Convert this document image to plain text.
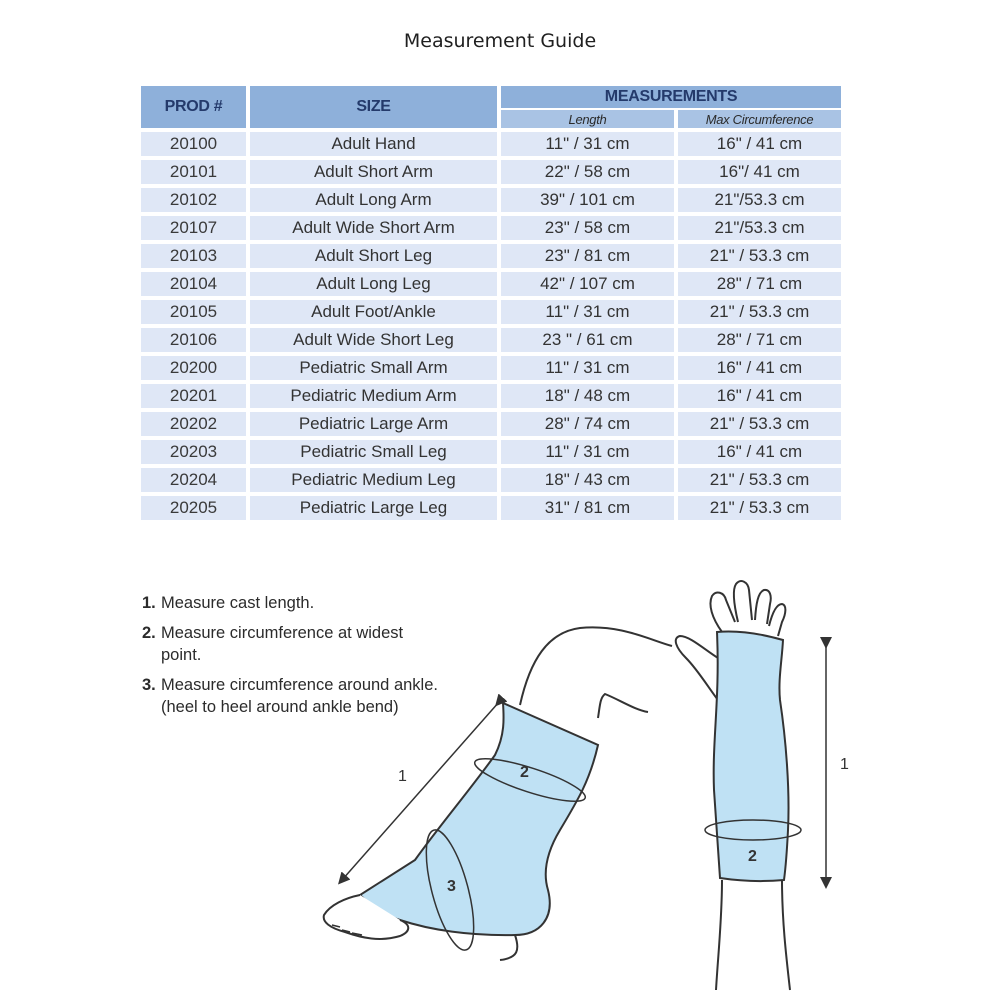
Measurement Guide
PROD #	SIZE	MEASUREMENTS	
		Length	Max Circumference
20100	Adult Hand	11" / 31 cm	16" / 41 cm
20101	Adult Short Arm	22" / 58 cm	16"/ 41 cm
20102	Adult Long Arm	39" / 101 cm	21"/53.3 cm
20107	Adult Wide Short Arm	23" / 58 cm	21"/53.3 cm
20103	Adult Short Leg	23" / 81 cm	21" / 53.3 cm
20104	Adult Long Leg	42" / 107 cm	28" / 71 cm
20105	Adult Foot/Ankle	11" / 31 cm	21" / 53.3 cm
20106	Adult Wide Short Leg	23 " / 61 cm	28" / 71 cm
20200	Pediatric Small Arm	11" / 31 cm	16" / 41 cm
20201	Pediatric Medium Arm	18" / 48 cm	16" / 41 cm
20202	Pediatric Large Arm	28" / 74 cm	21" / 53.3 cm
20203	Pediatric Small Leg	11" / 31 cm	16" / 41 cm
20204	Pediatric Medium Leg	18" / 43 cm	21" / 53.3 cm
20205	Pediatric Large Leg	31" / 81 cm	21" / 53.3 cm
1. Measure cast length.
2. Measure circumference at widest point.
3. Measure circumference around ankle. (heel to heel around ankle bend)
1	2
3
1
2
